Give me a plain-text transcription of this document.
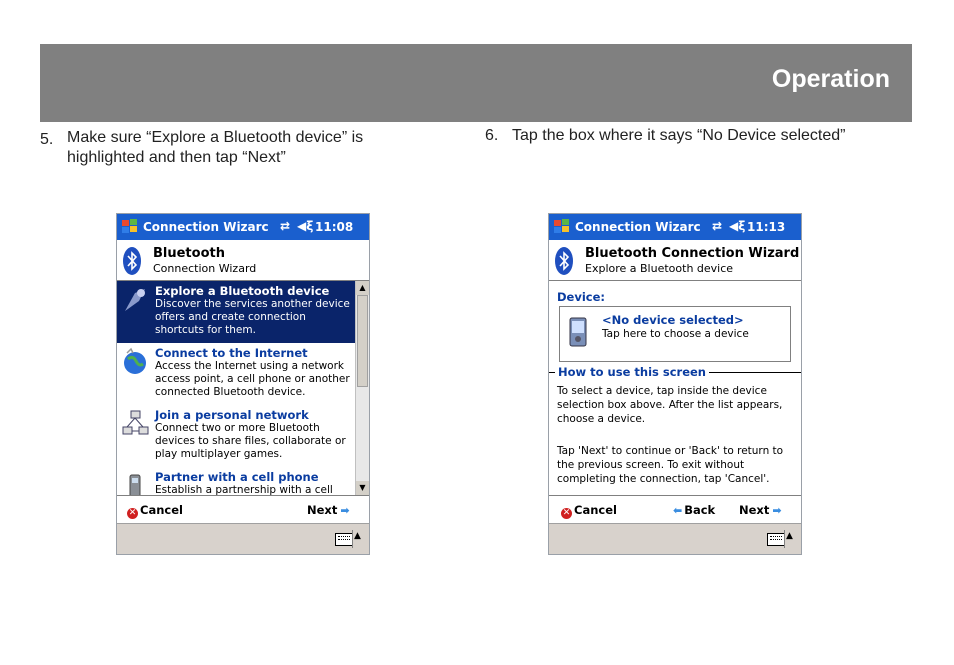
Operation
5. Make sure “Explore a Bluetooth device” is
highlighted and then tap “Next”
6. Tap the box where it says “No Device selected”
Connection Wizarc ⇄ ◀ξ 11:08
Bluetooth
Connection Wizard
Explore a Bluetooth device
Discover the services another device offers and create connection shortcuts for them.
Connect to the Internet
Access the Internet using a network access point, a cell phone or another connected Bluetooth device.
Join a personal network
Connect two or more Bluetooth devices to share files, collaborate or play multiplayer games.
Partner with a cell phone
Establish a partnership with a cell
▲
▼
✕ Cancel	Next ➡
▲
Connection Wizarc ⇄ ◀ξ 11:13
Bluetooth Connection Wizard
Explore a Bluetooth device
Device:
<No device selected>
Tap here to choose a device
How to use this screen
To select a device, tap inside the device selection box above. After the list appears, choose a device.
Tap 'Next' to continue or 'Back' to return to the previous screen. To exit without completing the connection, tap 'Cancel'.
✕ Cancel	⬅ Back Next ➡
▲
